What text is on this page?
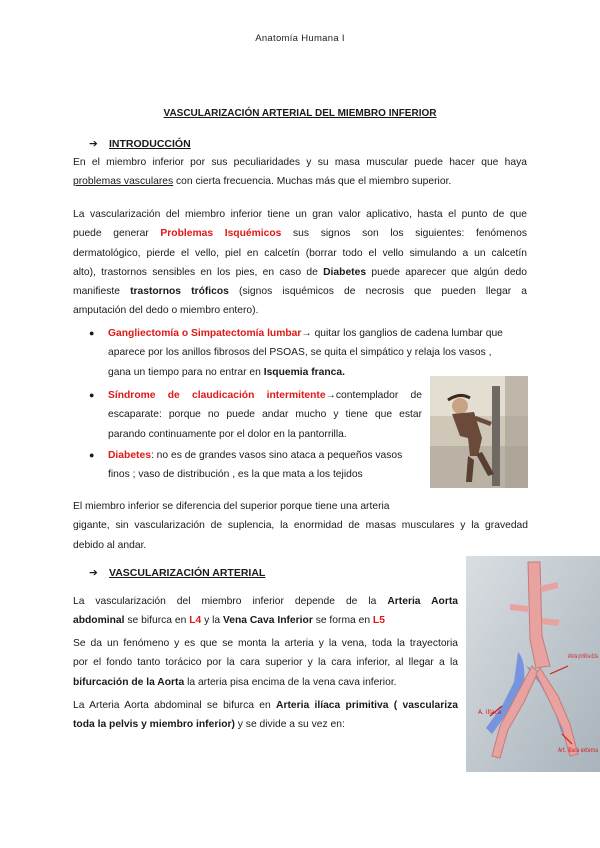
Anatomía Humana I
VASCULARIZACIÓN ARTERIAL DEL MIEMBRO INFERIOR
➔ INTRODUCCIÓN
En el miembro inferior por sus peculiaridades y su masa muscular puede hacer que haya
problemas vasculares con cierta frecuencia. Muchas más que el miembro superior.
La vascularización del miembro inferior tiene un gran valor aplicativo, hasta el punto de que
puede generar Problemas Isquémicos sus signos son los siguientes: fenómenos
dermatológico, pierde el vello, piel en calcetín (borrar todo el vello simulando a un calcetín
alto), trastornos sensibles en los pies, en caso de Diabetes puede aparecer que algún dedo
manifieste trastornos tróficos (signos isquémicos de necrosis que pueden llegar a
amputación del dedo o miembro entero).
● Gangliectomía o Simpatectomía lumbar→ quitar los ganglios de cadena lumbar que
aparece por los anillos fibrosos del PSOAS, se quita el simpático y relaja los vasos ,
gana un tiempo para no entrar en Isquemia franca.
● Síndrome de claudicación intermitente→contemplador de
escaparate: porque no puede andar mucho y tiene que estar
parando continuamente por el dolor en la pantorrilla.
● Diabetes: no es de grandes vasos sino ataca a pequeños vasos
finos ; vaso de distribución , es la que mata a los tejidos
El miembro inferior se diferencia del superior porque tiene una arteria
gigante, sin vascularización de suplencia, la enormidad de masas musculares y la gravedad
debido al andar.
➔ VASCULARIZACIÓN ARTERIAL
La vascularización del miembro inferior depende de la Arteria Aorta
abdominal se bifurca en L4 y la Vena Cava Inferior se forma en L5
Se da un fenómeno y es que se monta la arteria y la vena, toda la trayectoria
por el fondo tanto torácico por la cara superior y la cara inferior, al llegar a la
bifurcación de la Aorta la arteria pisa encima de la vena cava inferior.
La Arteria Aorta abdominal se bifurca en Arteria ilíaca primitiva ( vasculariza
toda la pelvis y miembro inferior) y se divide a su vez en:
Arteria primitiva dcha
A. ilíaca
Art. ilíaca externa
